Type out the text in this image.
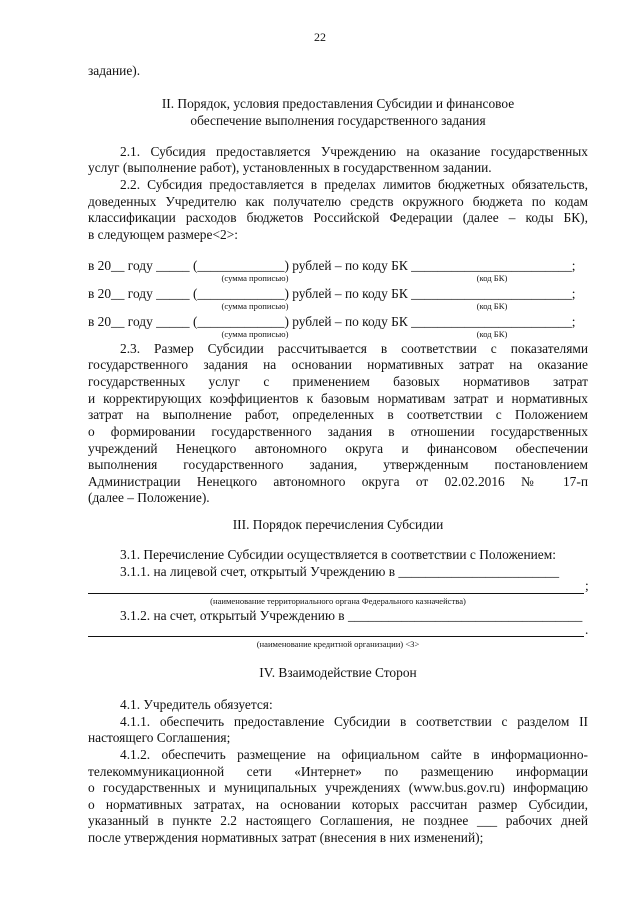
22
задание).
II. Порядок, условия предоставления Субсидии и финансовое
обеспечение выполнения государственного задания
2.1. Субсидия предоставляется Учреждению на оказание государственных
услуг (выполнение работ), установленных в государственном задании.
2.2. Субсидия предоставляется в пределах лимитов бюджетных обязательств,
доведенных Учредителю как получателю средств окружного бюджета по кодам
классификации расходов бюджетов Российской Федерации (далее – коды БК),
в следующем размере<2>:
в 20__ году _____ (_____________) рублей – по коду БК ________________________;
(сумма прописью)	(код БК)
в 20__ году _____ (_____________) рублей – по коду БК ________________________;
(сумма прописью)	(код БК)
в 20__ году _____ (_____________) рублей – по коду БК ________________________;
(сумма прописью)	(код БК)
2.3. Размер Субсидии рассчитывается в соответствии с показателями
государственного задания на основании нормативных затрат на оказание
государственных услуг с применением базовых нормативов затрат
и корректирующих коэффициентов к базовым нормативам затрат и нормативных
затрат на выполнение работ, определенных в соответствии с Положением
о формировании государственного задания в отношении государственных
учреждений Ненецкого автономного округа и финансовом обеспечении
выполнения государственного задания, утвержденным постановлением
Администрации Ненецкого автономного округа от 02.02.2016 № 17-п
(далее – Положение).
III. Порядок перечисления Субсидии
3.1. Перечисление Субсидии осуществляется в соответствии с Положением:
3.1.1. на лицевой счет, открытый Учреждению в ________________________
;
(наименование территориального органа Федерального казначейства)
3.1.2. на счет, открытый Учреждению в ___________________________________
.
(наименование кредитной организации) <3>
IV. Взаимодействие Сторон
4.1. Учредитель обязуется:
4.1.1. обеспечить предоставление Субсидии в соответствии с разделом II
настоящего Соглашения;
4.1.2. обеспечить размещение на официальном сайте в информационно-
телекоммуникационной сети «Интернет» по размещению информации
о государственных и муниципальных учреждениях (www.bus.gov.ru) информацию
о нормативных затратах, на основании которых рассчитан размер Субсидии,
указанный в пункте 2.2 настоящего Соглашения, не позднее ___ рабочих дней
после утверждения нормативных затрат (внесения в них изменений);
